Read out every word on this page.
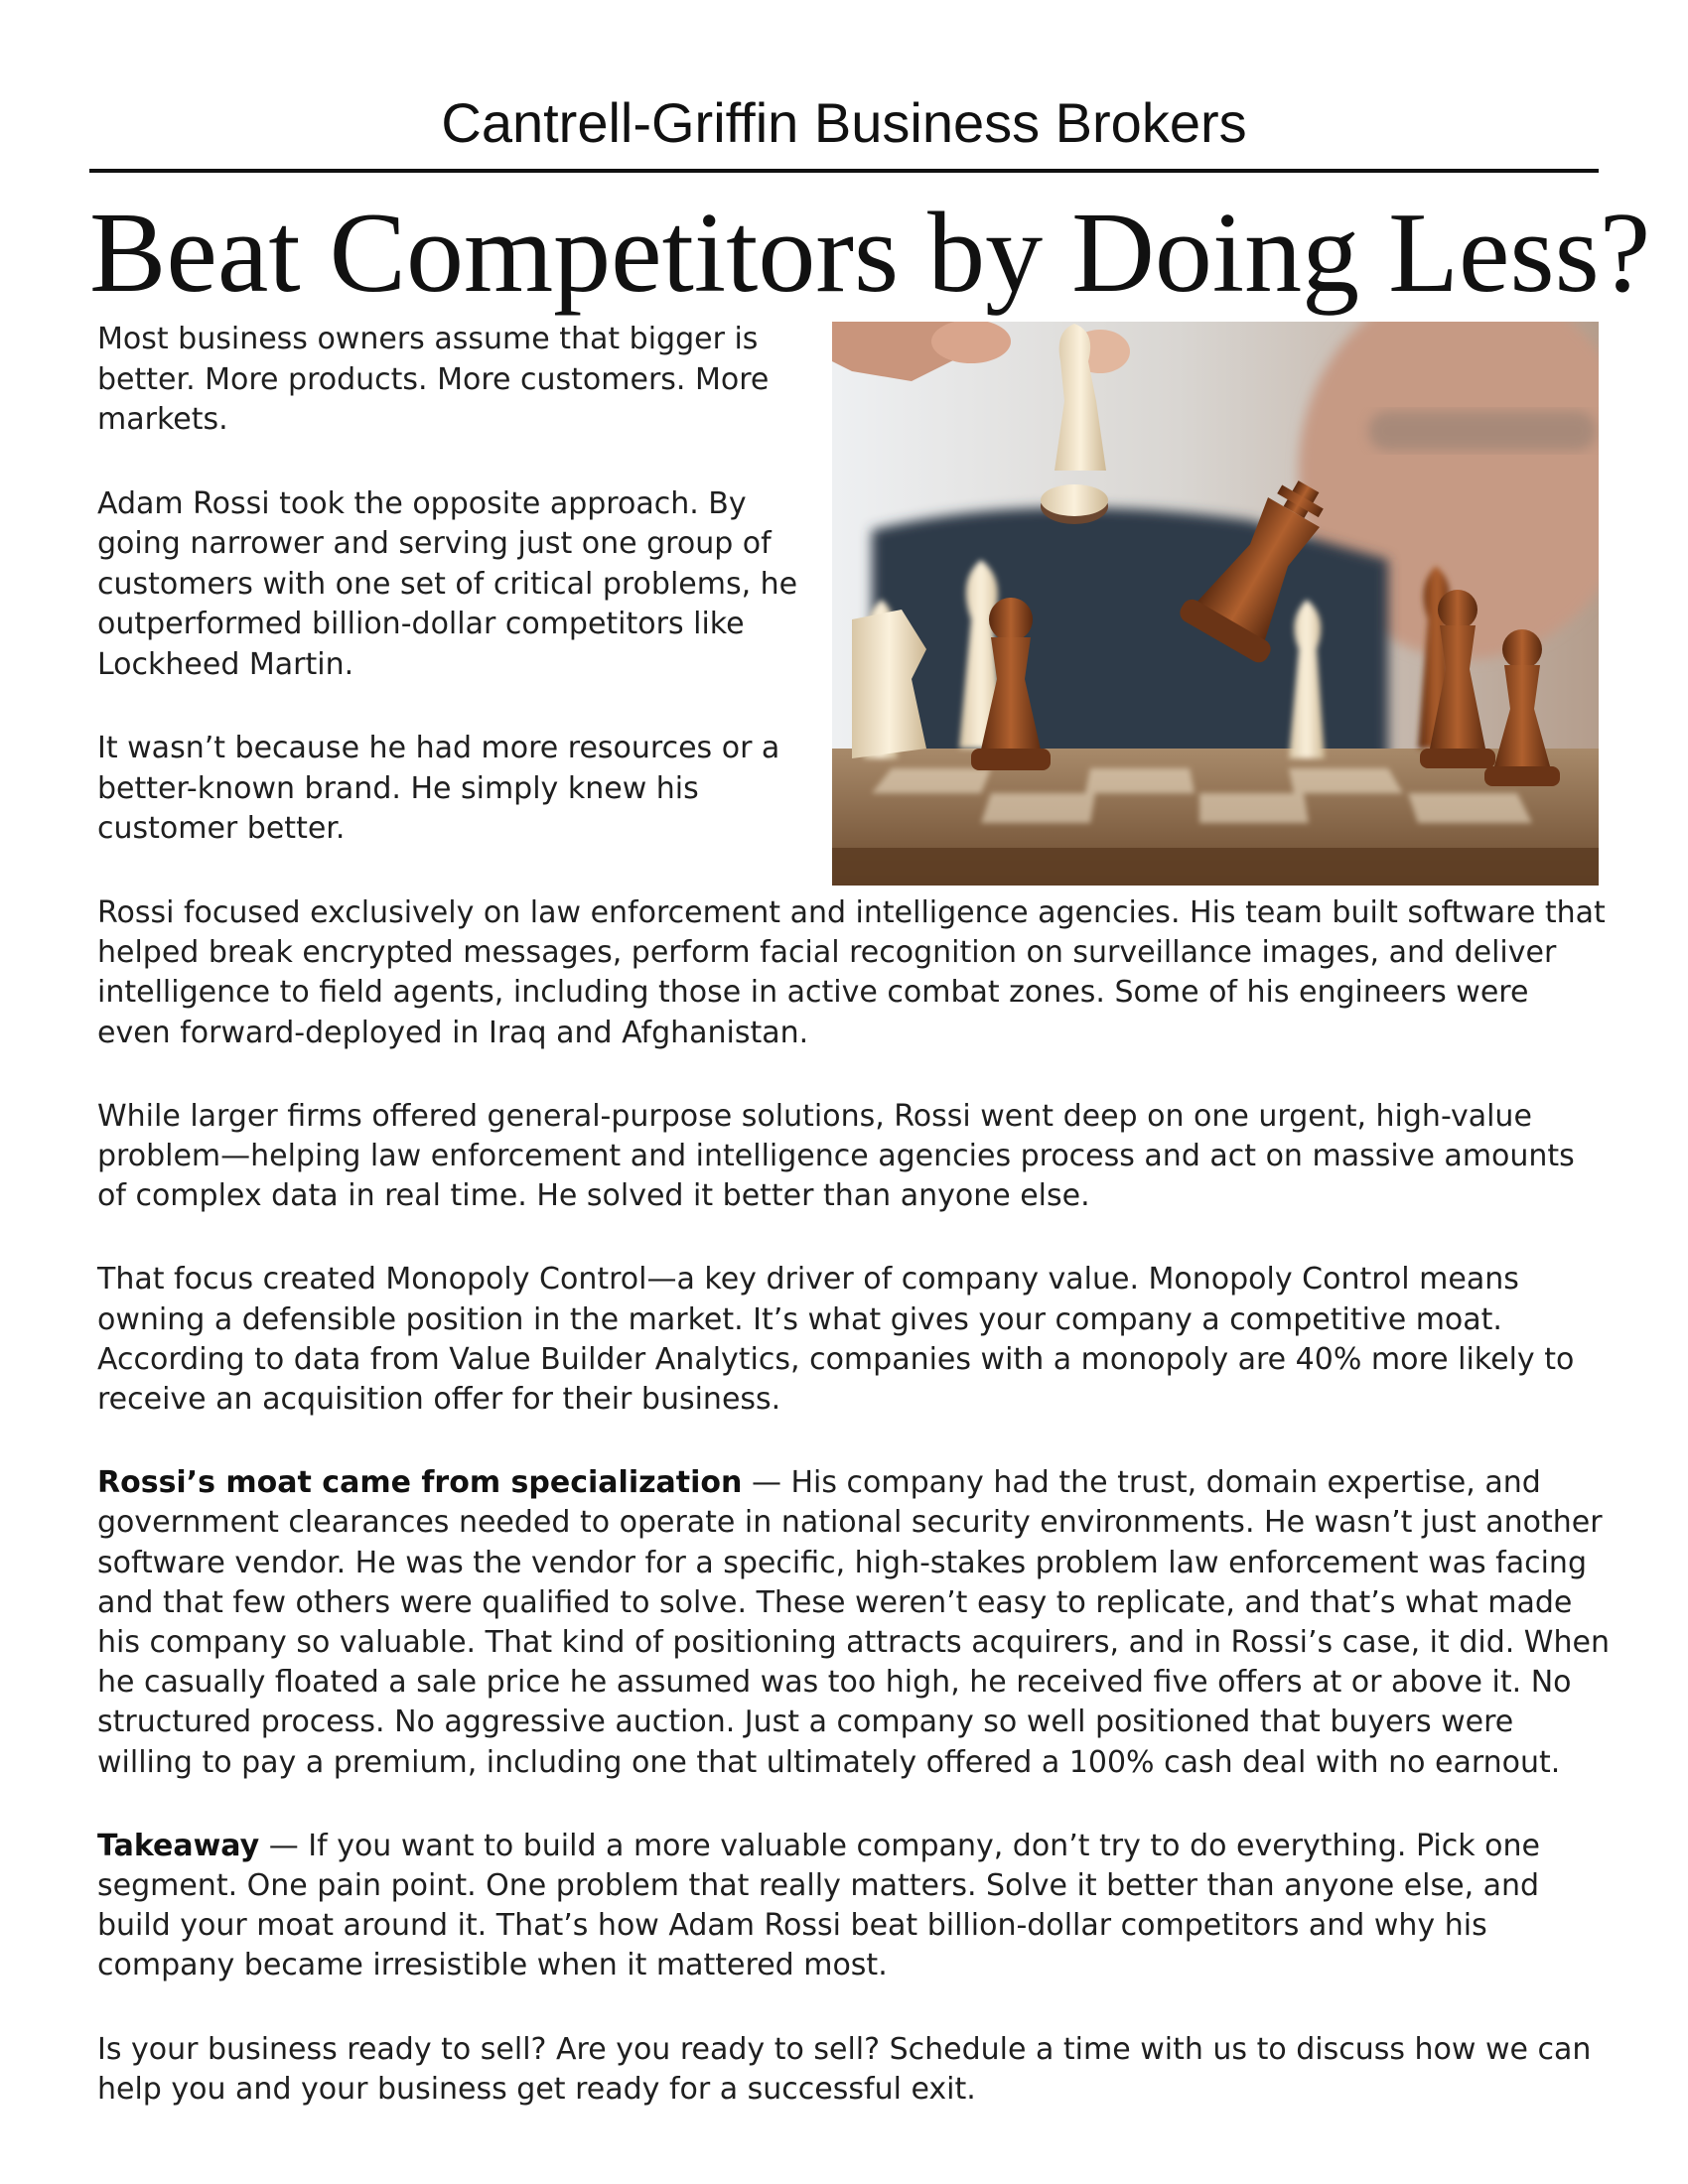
Cantrell-Griffin Business Brokers
Beat Competitors by Doing Less?

Most business owners assume that bigger is better. More products. More customers. More markets.

Adam Rossi took the opposite approach. By going narrower and serving just one group of customers with one set of critical problems, he outperformed billion-dollar competitors like Lockheed Martin.

It wasn’t because he had more resources or a better-known brand. He simply knew his customer better.

Rossi focused exclusively on law enforcement and intelligence agencies. His team built software that helped break encrypted messages, perform facial recognition on surveillance images, and deliver intelligence to field agents, including those in active combat zones. Some of his engineers were even forward-deployed in Iraq and Afghanistan.

While larger firms offered general-purpose solutions, Rossi went deep on one urgent, high-value problem—helping law enforcement and intelligence agencies process and act on massive amounts of complex data in real time. He solved it better than anyone else.

That focus created Monopoly Control—a key driver of company value. Monopoly Control means owning a defensible position in the market. It’s what gives your company a competitive moat. According to data from Value Builder Analytics, companies with a monopoly are 40% more likely to receive an acquisition offer for their business.

Rossi’s moat came from specialization — His company had the trust, domain expertise, and government clearances needed to operate in national security environments. He wasn’t just another software vendor. He was the vendor for a specific, high-stakes problem law enforcement was facing and that few others were qualified to solve. These weren’t easy to replicate, and that’s what made his company so valuable. That kind of positioning attracts acquirers, and in Rossi’s case, it did. When he casually floated a sale price he assumed was too high, he received five offers at or above it. No structured process. No aggressive auction. Just a company so well positioned that buyers were willing to pay a premium, including one that ultimately offered a 100% cash deal with no earnout.

Takeaway — If you want to build a more valuable company, don’t try to do everything. Pick one segment. One pain point. One problem that really matters. Solve it better than anyone else, and build your moat around it. That’s how Adam Rossi beat billion-dollar competitors and why his company became irresistible when it mattered most.

Is your business ready to sell? Are you ready to sell? Schedule a time with us to discuss how we can help you and your business get ready for a successful exit.
